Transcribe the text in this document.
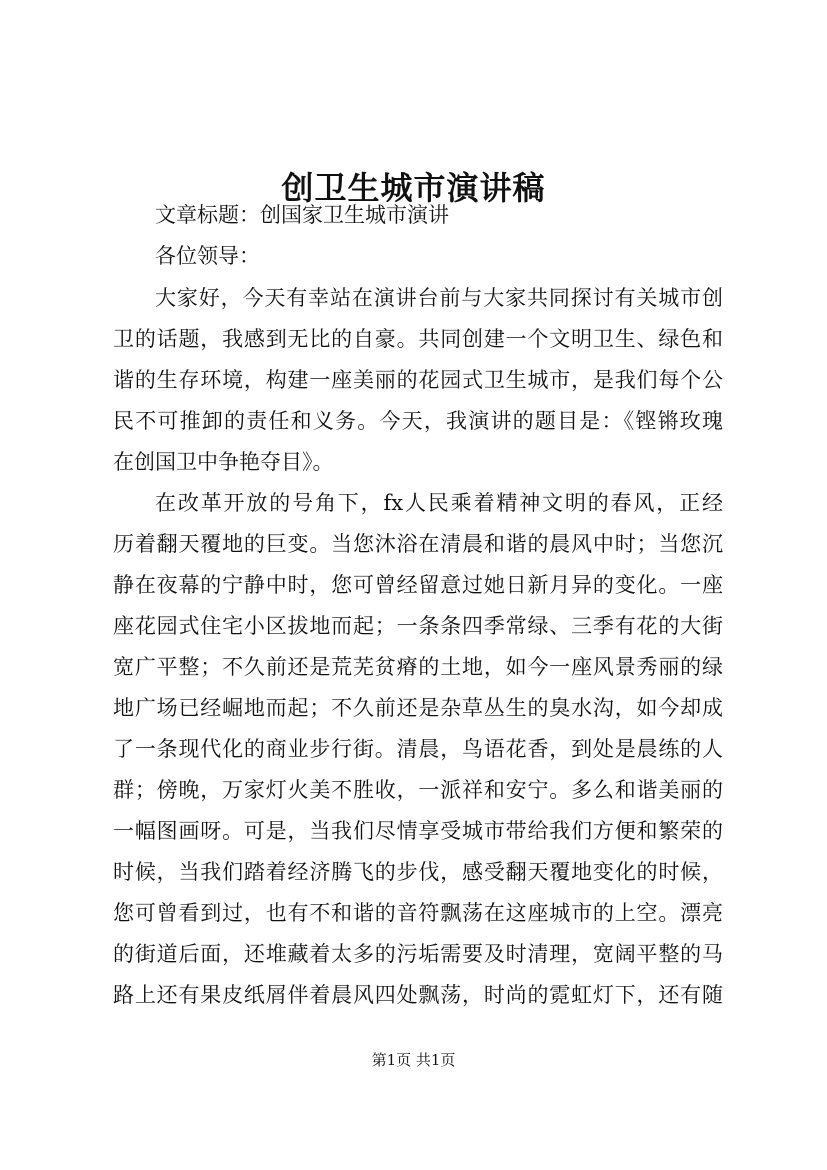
创卫生城市演讲稿
文章标题：创国家卫生城市演讲
各位领导：
大家好，今天有幸站在演讲台前与大家共同探讨有关城市创
卫的话题，我感到无比的自豪。共同创建一个文明卫生、绿色和
谐的生存环境，构建一座美丽的花园式卫生城市，是我们每个公
民不可推卸的责任和义务。今天，我演讲的题目是：《铿锵玫瑰
在创国卫中争艳夺目》。
在改革开放的号角下，fx人民乘着精神文明的春风，正经
历着翻天覆地的巨变。当您沐浴在清晨和谐的晨风中时；当您沉
静在夜幕的宁静中时，您可曾经留意过她日新月异的变化。一座
座花园式住宅小区拔地而起；一条条四季常绿、三季有花的大街
宽广平整；不久前还是荒芜贫瘠的土地，如今一座风景秀丽的绿
地广场已经崛地而起；不久前还是杂草丛生的臭水沟，如今却成
了一条现代化的商业步行街。清晨，鸟语花香，到处是晨练的人
群；傍晚，万家灯火美不胜收，一派祥和安宁。多么和谐美丽的
一幅图画呀。可是，当我们尽情享受城市带给我们方便和繁荣的
时候，当我们踏着经济腾飞的步伐，感受翻天覆地变化的时候，
您可曾看到过，也有不和谐的音符飘荡在这座城市的上空。漂亮
的街道后面，还堆藏着太多的污垢需要及时清理，宽阔平整的马
路上还有果皮纸屑伴着晨风四处飘荡，时尚的霓虹灯下，还有随
第1页 共1页
